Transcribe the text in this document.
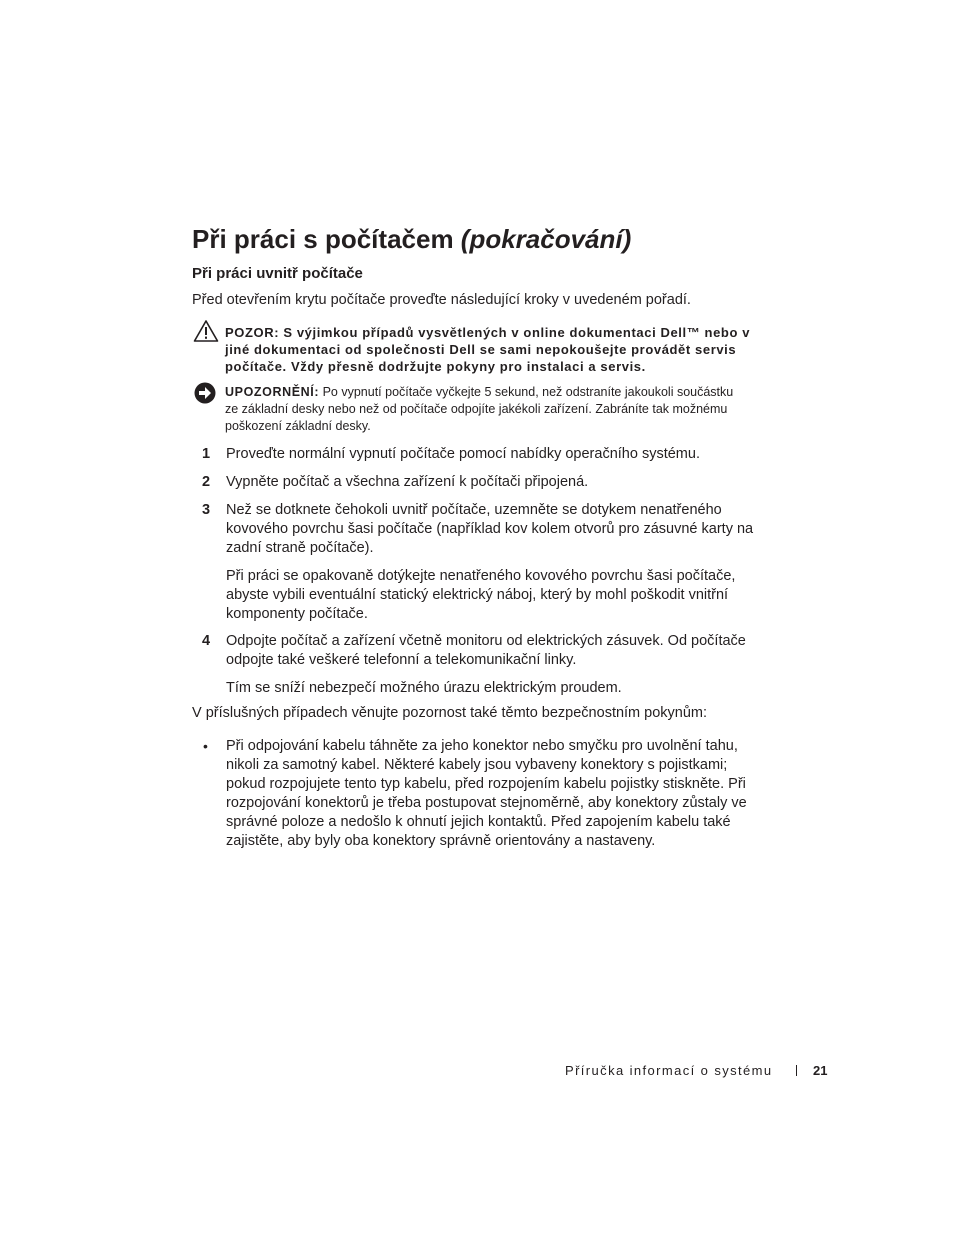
Při práci s počítačem (pokračování)
Při práci uvnitř počítače

Před otevřením krytu počítače proveďte následující kroky v uvedeném pořadí.

POZOR: S výjimkou případů vysvětlených v online dokumentaci Dell™ nebo v
jiné dokumentaci od společnosti Dell se sami nepokoušejte provádět servis
počítače. Vždy přesně dodržujte pokyny pro instalaci a servis.

UPOZORNĚNÍ: Po vypnutí počítače vyčkejte 5 sekund, než odstraníte jakoukoli součástku
ze základní desky nebo než od počítače odpojíte jakékoli zařízení. Zabráníte tak možnému
poškození základní desky.

1 Proveďte normální vypnutí počítače pomocí nabídky operačního systému.

2 Vypněte počítač a všechna zařízení k počítači připojená.

3 Než se dotknete čehokoli uvnitř počítače, uzemněte se dotykem nenatřeného
kovového povrchu šasi počítače (například kov kolem otvorů pro zásuvné karty na
zadní straně počítače).

Při práci se opakovaně dotýkejte nenatřeného kovového povrchu šasi počítače,
abyste vybili eventuální statický elektrický náboj, který by mohl poškodit vnitřní
komponenty počítače.

4 Odpojte počítač a zařízení včetně monitoru od elektrických zásuvek. Od počítače
odpojte také veškeré telefonní a telekomunikační linky.

Tím se sníží nebezpečí možného úrazu elektrickým proudem.

V příslušných případech věnujte pozornost také těmto bezpečnostním pokynům:

• Při odpojování kabelu táhněte za jeho konektor nebo smyčku pro uvolnění tahu,
nikoli za samotný kabel. Některé kabely jsou vybaveny konektory s pojistkami;
pokud rozpojujete tento typ kabelu, před rozpojením kabelu pojistky stiskněte. Při
rozpojování konektorů je třeba postupovat stejnoměrně, aby konektory zůstaly ve
správné poloze a nedošlo k ohnutí jejich kontaktů. Před zapojením kabelu také
zajistěte, aby byly oba konektory správně orientovány a nastaveny.

Příručka informací o systému	21
